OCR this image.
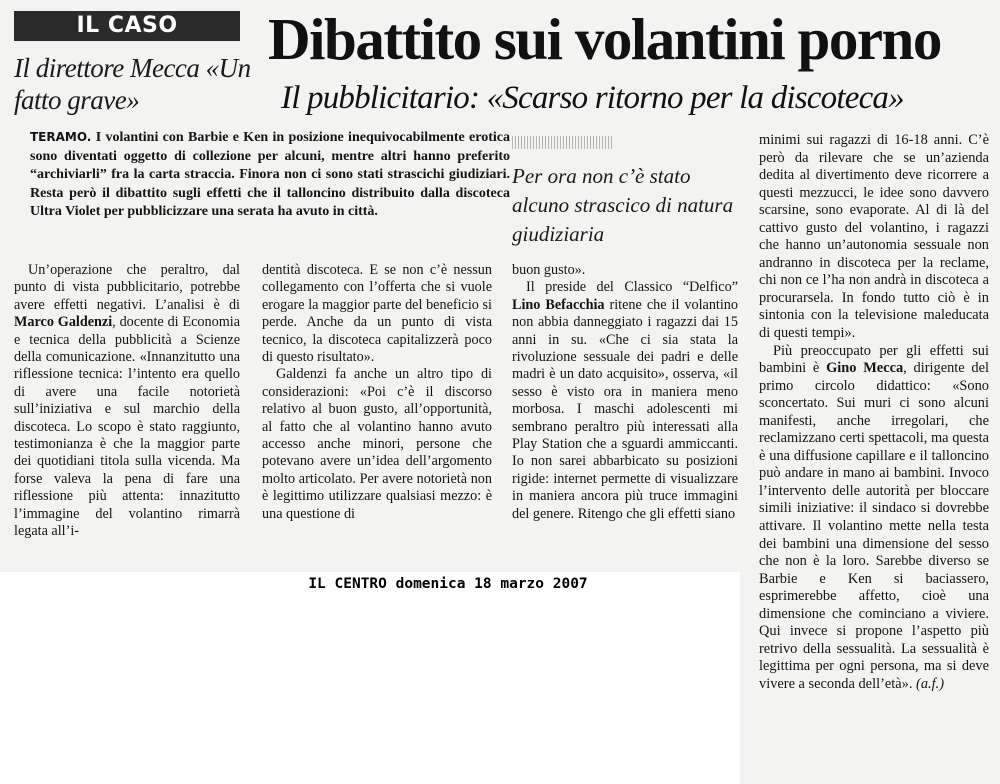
IL CASO
Il direttore Mecca «Un fatto grave»
Dibattito sui volantini porno
Il pubblicitario: «Scarso ritorno per la discoteca»
TERAMO. I volantini con Barbie e Ken in posizione inequivocabilmente erotica sono diventati oggetto di collezione per alcuni, mentre altri hanno preferito “archiviarli” fra la carta straccia. Finora non ci sono stati strascichi giudiziari. Resta però il dibattito sugli effetti che il talloncino distribuito dalla discoteca Ultra Violet per pubblicizzare una serata ha avuto in città.
Per ora non c’è stato alcuno strascico di natura giudiziaria

Un’operazione che peraltro, dal punto di vista pubblicitario, potrebbe avere effetti negativi. L’analisi è di Marco Galdenzi, docente di Economia e tecnica della pubblicità a Scienze della comunicazione. «Innanzitutto una riflessione tecnica: l’intento era quello di avere una facile notorietà sull’iniziativa e sul marchio della discoteca. Lo scopo è stato raggiunto, testimonianza è che la maggior parte dei quotidiani titola sulla vicenda. Ma forse valeva la pena di fare una riflessione più attenta: innazitutto l’immagine del volantino rimarrà legata all’i-

dentità discoteca. E se non c’è nessun collegamento con l’offerta che si vuole erogare la maggior parte del beneficio si perde. Anche da un punto di vista tecnico, la discoteca capitalizzerà poco di questo risultato».

Galdenzi fa anche un altro tipo di considerazioni: «Poi c’è il discorso relativo al buon gusto, all’opportunità, al fatto che al volantino hanno avuto accesso anche minori, persone che potevano avere un’idea dell’argomento molto articolato. Per avere notorietà non è legittimo utilizzare qualsiasi mezzo: è una questione di

buon gusto».

Il preside del Classico “Delfico” Lino Befacchia ritene che il volantino non abbia danneggiato i ragazzi dai 15 anni in su. «Che ci sia stata la rivoluzione sessuale dei padri e delle madri è un dato acquisito», osserva, «il sesso è visto ora in maniera meno morbosa. I maschi adolescenti mi sembrano peraltro più interessati alla Play Station che a sguardi ammiccanti. Io non sarei abbarbicato su posizioni rigide: internet permette di visualizzare in maniera ancora più truce immagini del genere. Ritengo che gli effetti siano

minimi sui ragazzi di 16-18 anni. C’è però da rilevare che se un’azienda dedita al divertimento deve ricorrere a questi mezzucci, le idee sono davvero scarsine, sono evaporate. Al di là del cattivo gusto del volantino, i ragazzi che hanno un’autonomia sessuale non andranno in discoteca per la reclame, chi non ce l’ha non andrà in discoteca a procurarsela. In fondo tutto ciò è in sintonia con la televisione maleducata di questi tempi».

Più preoccupato per gli effetti sui bambini è Gino Mecca, dirigente del primo circolo didattico: «Sono sconcertato. Sui muri ci sono alcuni manifesti, anche irregolari, che reclamizzano certi spettacoli, ma questa è una diffusione capillare e il talloncino può andare in mano ai bambini. Invoco l’intervento delle autorità per bloccare simili iniziative: il sindaco si dovrebbe attivare. Il volantino mette nella testa dei bambini una dimensione del sesso che non è la loro. Sarebbe diverso se Barbie e Ken si baciassero, esprimerebbe affetto, cioè una dimensione che cominciano a viviere. Qui invece si propone l’aspetto più retrivo della sessualità. La sessualità è legittima per ogni persona, ma si deve vivere a seconda dell’età». (a.f.)

IL CENTRO domenica 18 marzo 2007
